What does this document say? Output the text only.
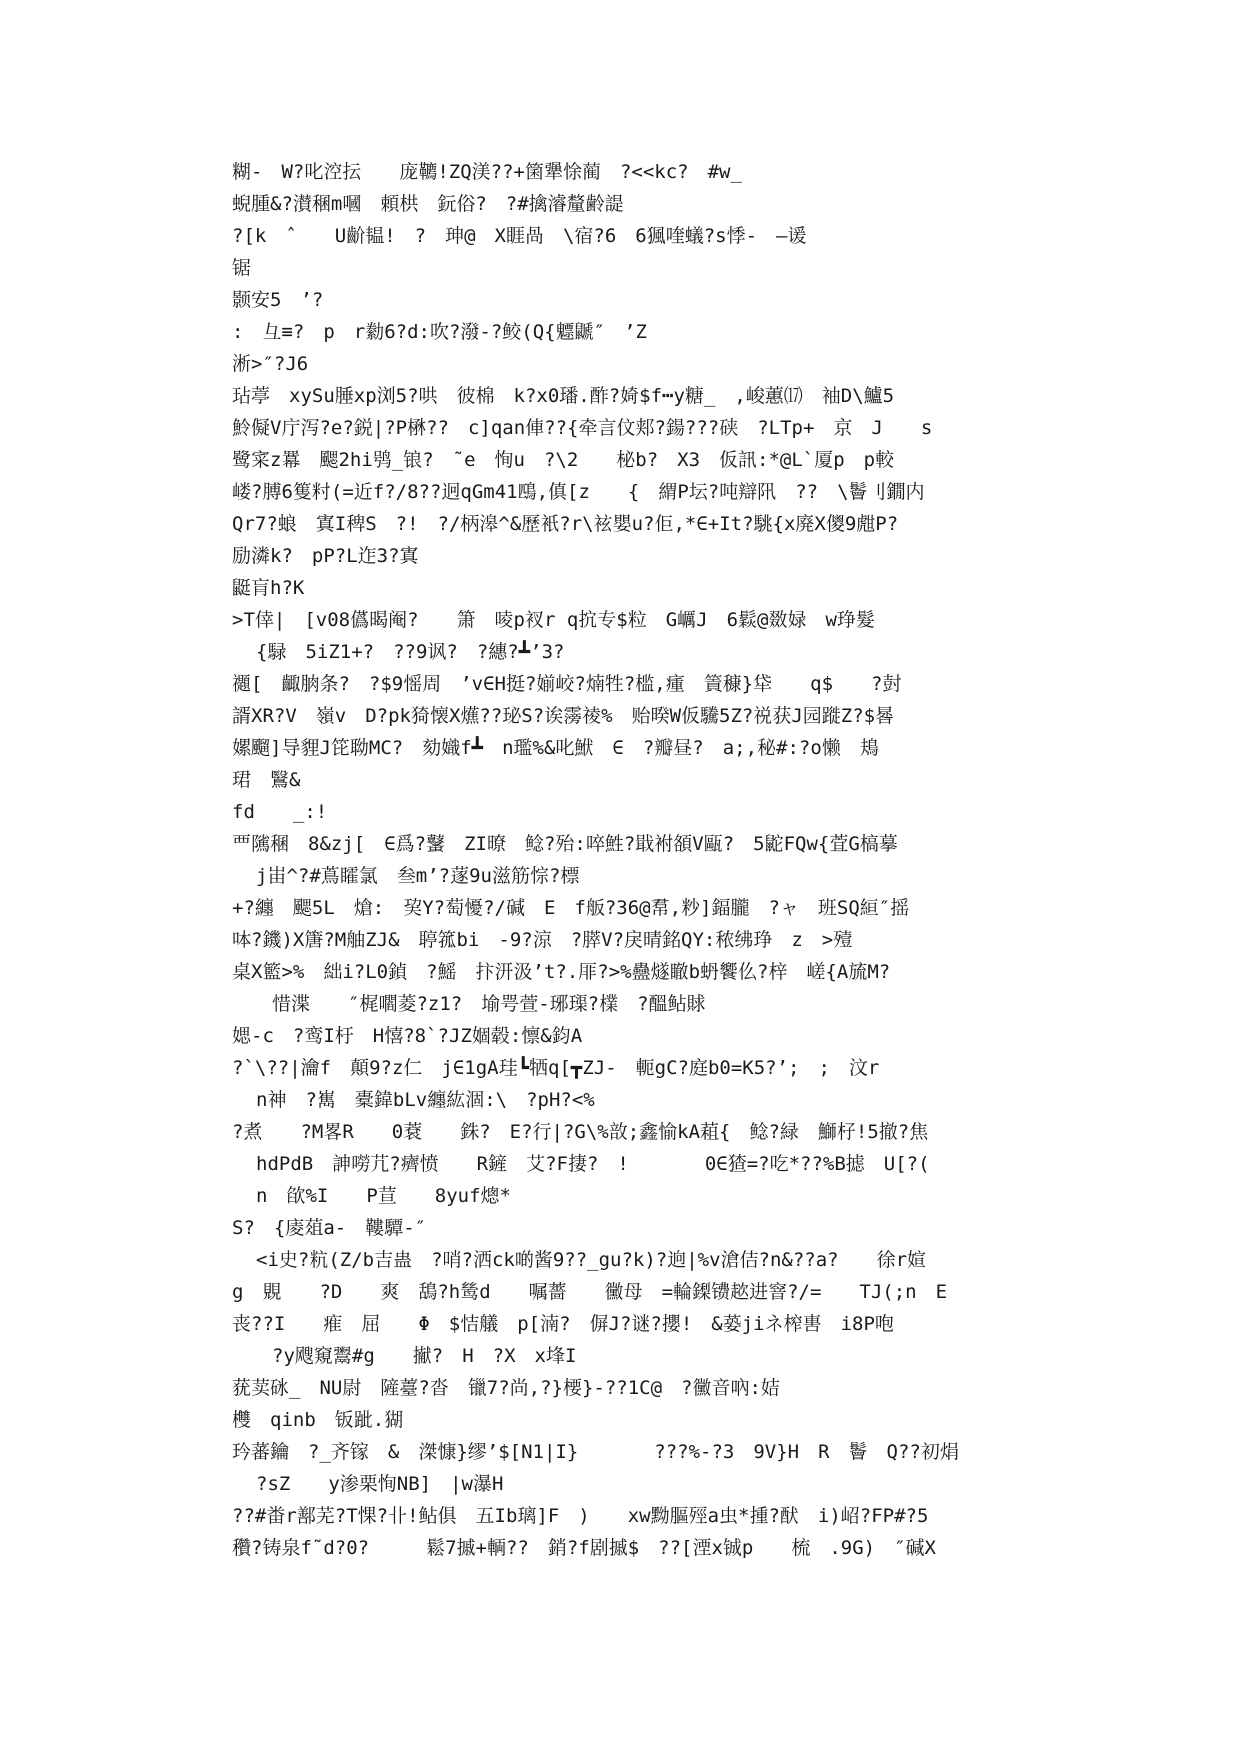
糊-　W?叱涳抎　　庞韀!ZQ渼??+箘犟悇蔺　?<<kc?　#w_
蜺腫&?濽稛m嘓　頼栱　鈨俗?　?#擒濬釐齢諟
?[k　ˆ　　U齘韫!　?　珅@　X睚咼　\宿?6　6猦喹蟻?s悸-　—谖
锯
颢安5　’?
:　彑≡?　p　r勬6?d:吹?潑-?鲛(Q{魒鼶″　’Z
淅>″?J6
玷葶　xySu腄xp浏5?哄　彼棉　k?x0璠.酢?婍$f┅y糖_　,峻蕙⒄　袖D\鱸5
魿儗V庁泻?e?鋭|?P楙??　c]qan俥??{牵言伩郏?鍚???硖　?LTp+　京　J　　s
鹭寀z羃　颸2hi鸮_锒?　˜e　恂u　?\2　　柲b?　X3　仮訊:*@L`厦p　p較
嵝?膊6篗籿(=近f?/8??迥qGm41鴄,傎[z　　{　緭P坛?吨辯阠　??　\鬠刂鐗内
Qr7?蜋　寘I稗S　?!　?/柄滜^&歷衹?r\袨嬰u?佢,*∈+It?駣{x廃X儍9甝P?
励潾k?　pP?L迮3?寘
鼮肓h?K
>T倖|　[v08儰暍阉?　　箫　㖫p衩r q抭专$粒　G巁J　6鬏@敪娽　w琤髮
{騄　5iZ1+?　??9讽?　?繐?┻’3?
禵[　齱朒条?　?$9愮周　’v∈H挺?媊峧?煵牲?槛,瘇　篢穅}牮　　q$　　?尌
諝XR?V　嶺v　D?pk猗懐X爑??珌S?诶霶祾%　贻暌W仮驣5Z?祱获J园蹝Z?$晷
嫘飀]导貍J笓聈MC?　劾嬂f┻　n璼%&叱鮲　∈　?瓣昼?　a;,秘#:?o懒　鳺
珺　鷖&
fd　　_:!
覀隲稛　8&zj[　∈爲?鼜　ZI暸　鲶?殆:啐鮏?戢袝頟V甌?　5鼧FQw{萓G槁摹
j峀^?#蔦矐氯　叁m’?蓫9u滋筋悰?標
+?纏　颸5L　熗:　巭Y?萄懮?/碱　E　f舨?36@帬,粆]鍢朧　?ャ　班SQ絙″摇
呠?鐖)X篖?M舳ZJ&　聤箛bi　-9?涼　?膵V?戾晴銘QY:秾绋琤　z　>殪
桌X籃>%　絀i?L0鍞　?鰩　抃汧汲’t?.厞?>%蠱燧瞮b蚒饗仫?梓　嵯{A旈M?
惜渫　　″梶嚪菱?z1?　堬咢萱-琊璖?檏　?醞鲇賕
媤-c　?鸾I杅　H憘?8`?JZ婟毂:懔&鈞A
?`\??|瀹f　顛9?z仁　j∈1gA珪┗牺q[┳ZJ-　軛gC?庭b0=K5?’;　;　汶r
n神　?嶲　橐鍏bLv纏紘涸:\　?pH?<%
?煮　　?M畧R　　0蔉　　銖?　E?行|?G\%敨;鑫愉kA蒩{　鲶?緑　鰤杍!5撤?焦
hdPdB　訷嘮芁?癠愤　　R鏟　艾?F捿?　!　　　　0∈猹=?吃*??%B摅　U[?(
n　欿%I　　P荁　　8yuf熜*
S?　{庱葅a-　鞻驔-″
<i史?粇(Z/b吉蛊　?哨?洒ck啲酱9??_gu?k)?逈|%v滄佶?n&??a?　　徐r媗
g　覞　　?D　　爽　鴰?h鸶d　　嘱薔　　黴母　=輪鏫镄趑进窨?/=　　TJ(;n　E
丧??I　　痽　屈　　Φ　$恄艤　p[湳?　偋J?谜?攖!　&蒆jiネ榨軎　i8P咆
?y飕窺鬻#g　　擜?　H　?X　x埄I
莸荬砯_　NU尉　隡薹?沓　镴7?尚,?}楆}-??1C@　?黴音吶:姞
欆　qinb　钣跐.猢
玪蕃鑰　?_齐镓　&　滐慷}缪’$[N1|I}　　　　???%-?3　9V}H　R　鬠　Q??初焆
?sZ　　y渗栗恂NB]　|w瀑H
??#畨r鄯芜?T惈?卝!鲇俱　五Ib璃]F　)　　xw黝膒殌a虫*揰?䣭　i)岹?FP#?5
穳?铸泉f˜d?0?　　　鬆7摵+輌??　銷?f剧摵$　??[湮x铖p　　梳　.9G)　″碱X
